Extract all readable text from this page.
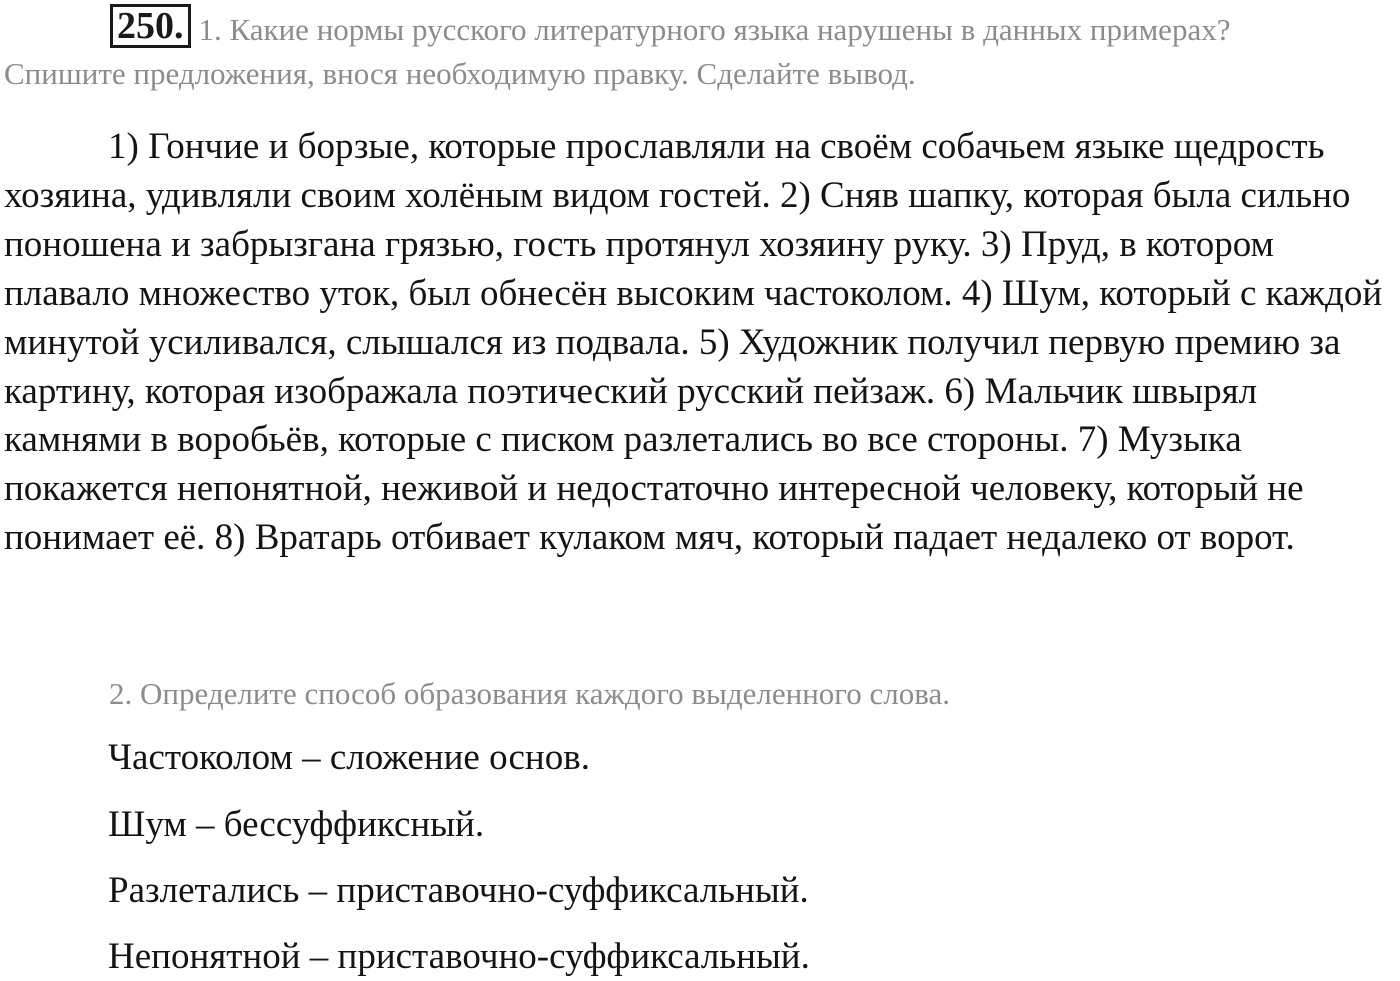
250. 1. Какие нормы русского литературного языка нарушены в данных примерах? Спишите предложения, внося необходимую правку. Сделайте вывод.
1) Гончие и борзые, которые прославляли на своём собачьем языке щедрость хозяина, удивляли своим холёным видом гостей. 2) Сняв шапку, которая была сильно поношена и забрызгана грязью, гость протянул хозяину руку. 3) Пруд, в котором плавало множество уток, был обнесён высоким частоколом. 4) Шум, который с каждой минутой усиливался, слышался из подвала. 5) Художник получил первую премию за картину, которая изображала поэтический русский пейзаж. 6) Мальчик швырял камнями в воробьёв, которые с писком разлетались во все стороны. 7) Музыка покажется непонятной, неживой и недостаточно интересной человеку, который не понимает её. 8) Вратарь отбивает кулаком мяч, который падает недалеко от ворот.
2. Определите способ образования каждого выделенного слова.
Частоколом – сложение основ.
Шум – бессуффиксный.
Разлетались – приставочно-суффиксальный.
Непонятной – приставочно-суффиксальный.
